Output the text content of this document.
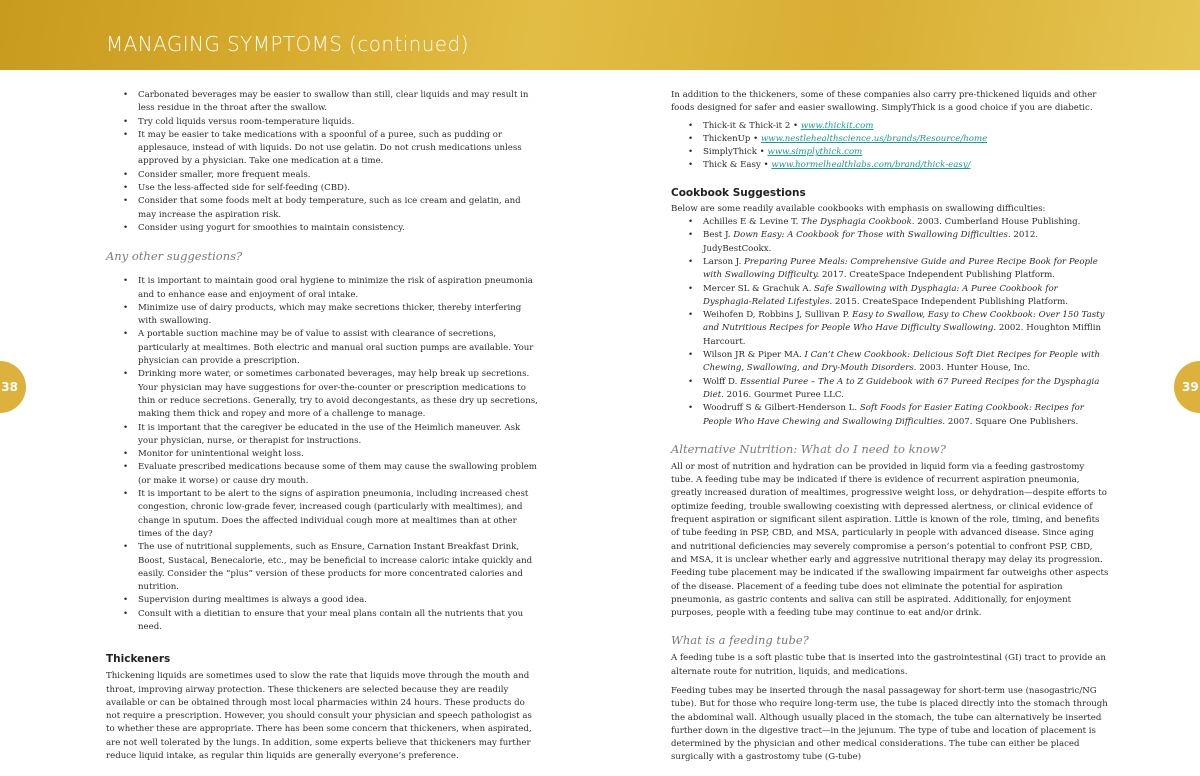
MANAGING SYMPTOMS (continued)
38	39
• Carbonated beverages may be easier to swallow than still, clear liquids and may result in less residue in the throat after the swallow.
• Try cold liquids versus room-temperature liquids.
• It may be easier to take medications with a spoonful of a puree, such as pudding or applesauce, instead of with liquids. Do not use gelatin. Do not crush medications unless approved by a physician. Take one medication at a time.
• Consider smaller, more frequent meals.
• Use the less-affected side for self-feeding (CBD).
• Consider that some foods melt at body temperature, such as ice cream and gelatin, and may increase the aspiration risk.
• Consider using yogurt for smoothies to maintain consistency.
Any other suggestions?
• It is important to maintain good oral hygiene to minimize the risk of aspiration pneumonia and to enhance ease and enjoyment of oral intake.
• Minimize use of dairy products, which may make secretions thicker, thereby interfering with swallowing.
• A portable suction machine may be of value to assist with clearance of secretions, particularly at mealtimes. Both electric and manual oral suction pumps are available. Your physician can provide a prescription.
• Drinking more water, or sometimes carbonated beverages, may help break up secretions. Your physician may have suggestions for over-the-counter or prescription medications to thin or reduce secretions. Generally, try to avoid decongestants, as these dry up secretions, making them thick and ropey and more of a challenge to manage.
• It is important that the caregiver be educated in the use of the Heimlich maneuver. Ask your physician, nurse, or therapist for instructions.
• Monitor for unintentional weight loss.
• Evaluate prescribed medications because some of them may cause the swallowing problem (or make it worse) or cause dry mouth.
• It is important to be alert to the signs of aspiration pneumonia, including increased chest congestion, chronic low-grade fever, increased cough (particularly with mealtimes), and change in sputum. Does the affected individual cough more at mealtimes than at other times of the day?
• The use of nutritional supplements, such as Ensure, Carnation Instant Breakfast Drink, Boost, Sustacal, Benecalorie, etc., may be beneficial to increase caloric intake quickly and easily. Consider the “plus” version of these products for more concentrated calories and nutrition.
• Supervision during mealtimes is always a good idea.
• Consult with a dietitian to ensure that your meal plans contain all the nutrients that you need.
Thickeners

Thickening liquids are sometimes used to slow the rate that liquids move through the mouth and throat, improving airway protection. These thickeners are selected because they are readily available or can be obtained through most local pharmacies within 24 hours. These products do not require a prescription. However, you should consult your physician and speech pathologist as to whether these are appropriate. There has been some concern that thickeners, when aspirated, are not well tolerated by the lungs. In addition, some experts believe that thickeners may further reduce liquid intake, as regular thin liquids are generally everyone’s preference.

In addition to the thickeners, some of these companies also carry pre-thickened liquids and other foods designed for safer and easier swallowing. SimplyThick is a good choice if you are diabetic.

• Thick-it & Thick-it 2 • www.thickit.com
• ThickenUp • www.nestlehealthscience.us/brands/Resource/home
• SimplyThick • www.simplythick.com
• Thick & Easy • www.hormelhealthlabs.com/brand/thick-easy/
Cookbook Suggestions

Below are some readily available cookbooks with emphasis on swallowing difficulties:

• Achilles E & Levine T. The Dysphagia Cookbook. 2003. Cumberland House Publishing.
• Best J. Down Easy: A Cookbook for Those with Swallowing Difficulties. 2012. JudyBestCookx.
• Larson J. Preparing Puree Meals: Comprehensive Guide and Puree Recipe Book for People with Swallowing Difficulty. 2017. CreateSpace Independent Publishing Platform.
• Mercer SL & Grachuk A. Safe Swallowing with Dysphagia: A Puree Cookbook for Dysphagia-Related Lifestyles. 2015. CreateSpace Independent Publishing Platform.
• Weihofen D, Robbins J, Sullivan P. Easy to Swallow, Easy to Chew Cookbook: Over 150 Tasty and Nutritious Recipes for People Who Have Difficulty Swallowing. 2002. Houghton Mifflin Harcourt.
• Wilson JR & Piper MA. I Can’t Chew Cookbook: Delicious Soft Diet Recipes for People with Chewing, Swallowing, and Dry-Mouth Disorders. 2003. Hunter House, Inc.
• Wolff D. Essential Puree – The A to Z Guidebook with 67 Pureed Recipes for the Dysphagia Diet. 2016. Gourmet Puree LLC.
• Woodruff S & Gilbert-Henderson L. Soft Foods for Easier Eating Cookbook: Recipes for People Who Have Chewing and Swallowing Difficulties. 2007. Square One Publishers.
Alternative Nutrition: What do I need to know?

All or most of nutrition and hydration can be provided in liquid form via a feeding gastrostomy tube. A feeding tube may be indicated if there is evidence of recurrent aspiration pneumonia, greatly increased duration of mealtimes, progressive weight loss, or dehydration—despite efforts to optimize feeding, trouble swallowing coexisting with depressed alertness, or clinical evidence of frequent aspiration or significant silent aspiration. Little is known of the role, timing, and benefits of tube feeding in PSP, CBD, and MSA, particularly in people with advanced disease. Since aging and nutritional deficiencies may severely compromise a person’s potential to confront PSP, CBD, and MSA, it is unclear whether early and aggressive nutritional therapy may delay its progression. Feeding tube placement may be indicated if the swallowing impairment far outweighs other aspects of the disease. Placement of a feeding tube does not eliminate the potential for aspiration pneumonia, as gastric contents and saliva can still be aspirated. Additionally, for enjoyment purposes, people with a feeding tube may continue to eat and/or drink.

What is a feeding tube?

A feeding tube is a soft plastic tube that is inserted into the gastrointestinal (GI) tract to provide an alternate route for nutrition, liquids, and medications.

Feeding tubes may be inserted through the nasal passageway for short-term use (nasogastric/NG tube). But for those who require long-term use, the tube is placed directly into the stomach through the abdominal wall. Although usually placed in the stomach, the tube can alternatively be inserted further down in the digestive tract—in the jejunum. The type of tube and location of placement is determined by the physician and other medical considerations. The tube can either be placed surgically with a gastrostomy tube (G-tube)
